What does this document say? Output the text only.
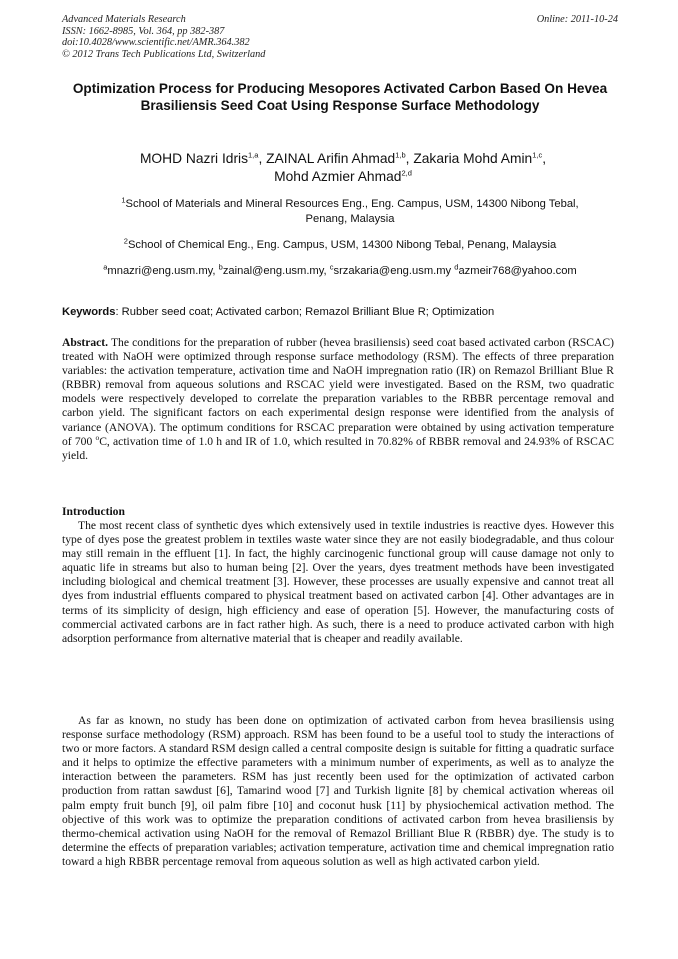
Advanced Materials Research
ISSN: 1662-8985, Vol. 364, pp 382-387
doi:10.4028/www.scientific.net/AMR.364.382
© 2012 Trans Tech Publications Ltd, Switzerland
Online: 2011-10-24
Optimization Process for Producing Mesopores Activated Carbon Based On Hevea Brasiliensis Seed Coat Using Response Surface Methodology
MOHD Nazri Idris$^{1,a}$, ZAINAL Arifin Ahmad$^{1,b}$, Zakaria Mohd Amin$^{1,c}$,
Mohd Azmier Ahmad$^{2,d}$
$^1$School of Materials and Mineral Resources Eng., Eng. Campus, USM, 14300 Nibong Tebal, Penang, Malaysia
$^2$School of Chemical Eng., Eng. Campus, USM, 14300 Nibong Tebal, Penang, Malaysia
$^a$mnazri@eng.usm.my, $^b$zainal@eng.usm.my, $^c$srzakaria@eng.usm.my $^d$azmeir768@yahoo.com
Keywords: Rubber seed coat; Activated carbon; Remazol Brilliant Blue R; Optimization
Abstract. The conditions for the preparation of rubber (hevea brasiliensis) seed coat based activated carbon (RSCAC) treated with NaOH were optimized through response surface methodology (RSM). The effects of three preparation variables: the activation temperature, activation time and NaOH impregnation ratio (IR) on Remazol Brilliant Blue R (RBBR) removal from aqueous solutions and RSCAC yield were investigated. Based on the RSM, two quadratic models were respectively developed to correlate the preparation variables to the RBBR percentage removal and carbon yield. The significant factors on each experimental design response were identified from the analysis of variance (ANOVA). The optimum conditions for RSCAC preparation were obtained by using activation temperature of 700 $^o$C, activation time of 1.0 h and IR of 1.0, which resulted in 70.82% of RBBR removal and 24.93% of RSCAC yield.
Introduction

The most recent class of synthetic dyes which extensively used in textile industries is reactive dyes. However this type of dyes pose the greatest problem in textiles waste water since they are not easily biodegradable, and thus colour may still remain in the effluent [1]. In fact, the highly carcinogenic functional group will cause damage not only to aquatic life in streams but also to human being [2]. Over the years, dyes treatment methods have been investigated including biological and chemical treatment [3]. However, these processes are usually expensive and cannot treat all dyes from industrial effluents compared to physical treatment based on activated carbon [4]. Other advantages are in terms of its simplicity of design, high efficiency and ease of operation [5]. However, the manufacturing costs of commercial activated carbons are in fact rather high. As such, there is a need to produce activated carbon with high adsorption performance from alternative material that is cheaper and readily available.

As far as known, no study has been done on optimization of activated carbon from hevea brasiliensis using response surface methodology (RSM) approach. RSM has been found to be a useful tool to study the interactions of two or more factors. A standard RSM design called a central composite design is suitable for fitting a quadratic surface and it helps to optimize the effective parameters with a minimum number of experiments, as well as to analyze the interaction between the parameters. RSM has just recently been used for the optimization of activated carbon production from rattan sawdust [6], Tamarind wood [7] and Turkish lignite [8] by chemical activation whereas oil palm empty fruit bunch [9], oil palm fibre [10] and coconut husk [11] by physiochemical activation method. The objective of this work was to optimize the preparation conditions of activated carbon from hevea brasiliensis by thermo-chemical activation using NaOH for the removal of Remazol Brilliant Blue R (RBBR) dye. The study is to determine the effects of preparation variables; activation temperature, activation time and chemical impregnation ratio toward a high RBBR percentage removal from aqueous solution as well as high activated carbon yield.
